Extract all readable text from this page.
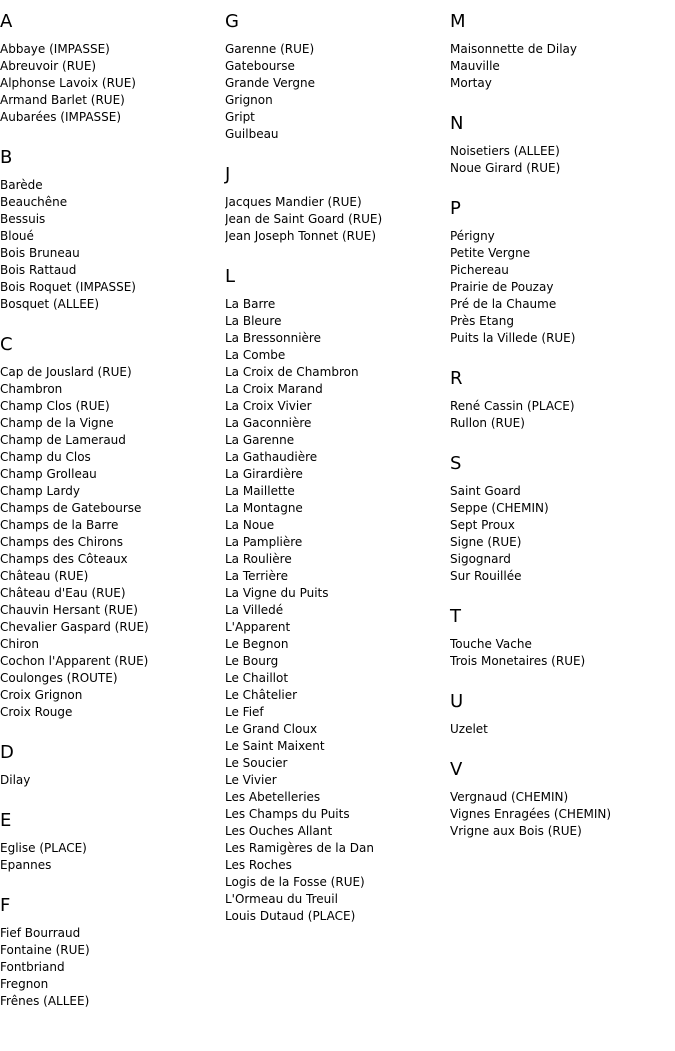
A
Abbaye (IMPASSE)
Abreuvoir (RUE)
Alphonse Lavoix (RUE)
Armand Barlet (RUE)
Aubarées (IMPASSE)
B
Barède
Beauchêne
Bessuis
Bloué
Bois Bruneau
Bois Rattaud
Bois Roquet (IMPASSE)
Bosquet (ALLEE)
C
Cap de Jouslard (RUE)
Chambron
Champ Clos (RUE)
Champ de la Vigne
Champ de Lameraud
Champ du Clos
Champ Grolleau
Champ Lardy
Champs de Gatebourse
Champs de la Barre
Champs des Chirons
Champs des Côteaux
Château (RUE)
Château d'Eau (RUE)
Chauvin Hersant (RUE)
Chevalier Gaspard (RUE)
Chiron
Cochon l'Apparent (RUE)
Coulonges (ROUTE)
Croix Grignon
Croix Rouge
D
Dilay
E
Eglise (PLACE)
Epannes
F
Fief Bourraud
Fontaine (RUE)
Fontbriand
Fregnon
Frênes (ALLEE)
G
Garenne (RUE)
Gatebourse
Grande Vergne
Grignon
Gript
Guilbeau
J
Jacques Mandier (RUE)
Jean de Saint Goard (RUE)
Jean Joseph Tonnet (RUE)
L
La Barre
La Bleure
La Bressonnière
La Combe
La Croix de Chambron
La Croix Marand
La Croix Vivier
La Gaconnière
La Garenne
La Gathaudière
La Girardière
La Maillette
La Montagne
La Noue
La Pamplière
La Roulière
La Terrière
La Vigne du Puits
La Villedé
L'Apparent
Le Begnon
Le Bourg
Le Chaillot
Le Châtelier
Le Fief
Le Grand Cloux
Le Saint Maixent
Le Soucier
Le Vivier
Les Abetelleries
Les Champs du Puits
Les Ouches Allant
Les Ramigères de la Dan
Les Roches
Logis de la Fosse (RUE)
L'Ormeau du Treuil
Louis Dutaud (PLACE)
M
Maisonnette de Dilay
Mauville
Mortay
N
Noisetiers (ALLEE)
Noue Girard (RUE)
P
Périgny
Petite Vergne
Pichereau
Prairie de Pouzay
Pré de la Chaume
Près Etang
Puits la Villede (RUE)
R
René Cassin (PLACE)
Rullon (RUE)
S
Saint Goard
Seppe (CHEMIN)
Sept Proux
Signe (RUE)
Sigognard
Sur Rouillée
T
Touche Vache
Trois Monetaires (RUE)
U
Uzelet
V
Vergnaud (CHEMIN)
Vignes Enragées (CHEMIN)
Vrigne aux Bois (RUE)
